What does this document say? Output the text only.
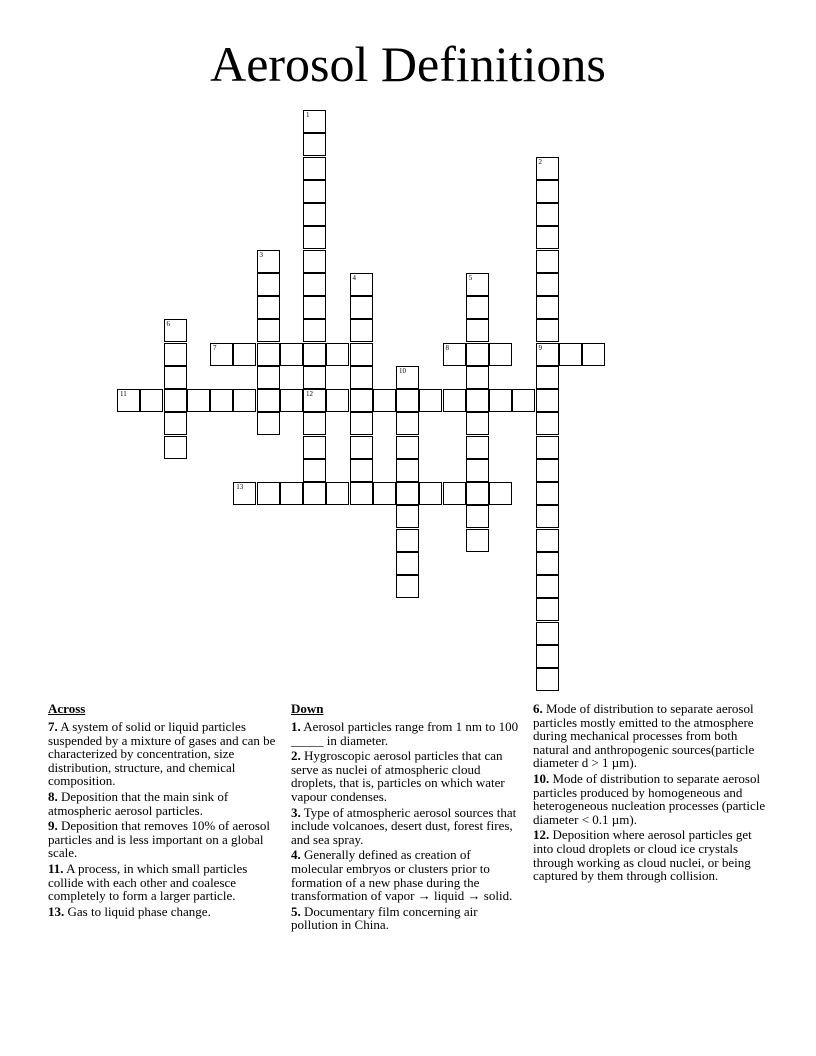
Aerosol Definitions
1
12
2
9
3
4	5
6
7	8
10
11
13
Across
7. A system of solid or liquid particles suspended by a mixture of gases and can be characterized by concentration, size distribution, structure, and chemical composition.
8. Deposition that the main sink of atmospheric aerosol particles.
9. Deposition that removes 10% of aerosol particles and is less important on a global scale.
11. A process, in which small particles collide with each other and coalesce completely to form a larger particle.
13. Gas to liquid phase change.
Down
1. Aerosol particles range from 1 nm to 100 _____ in diameter.
2. Hygroscopic aerosol particles that can serve as nuclei of atmospheric cloud droplets, that is, particles on which water vapour condenses.
3. Type of atmospheric aerosol sources that include volcanoes, desert dust, forest fires, and sea spray.
4. Generally defined as creation of molecular embryos or clusters prior to formation of a new phase during the transformation of vapor → liquid → solid.
5. Documentary film concerning air pollution in China.
6. Mode of distribution to separate aerosol particles mostly emitted to the atmosphere during mechanical processes from both natural and anthropogenic sources(particle diameter d > 1 µm).
10. Mode of distribution to separate aerosol particles produced by homogeneous and heterogeneous nucleation processes (particle diameter < 0.1 µm).
12. Deposition where aerosol particles get into cloud droplets or cloud ice crystals through working as cloud nuclei, or being captured by them through collision.
